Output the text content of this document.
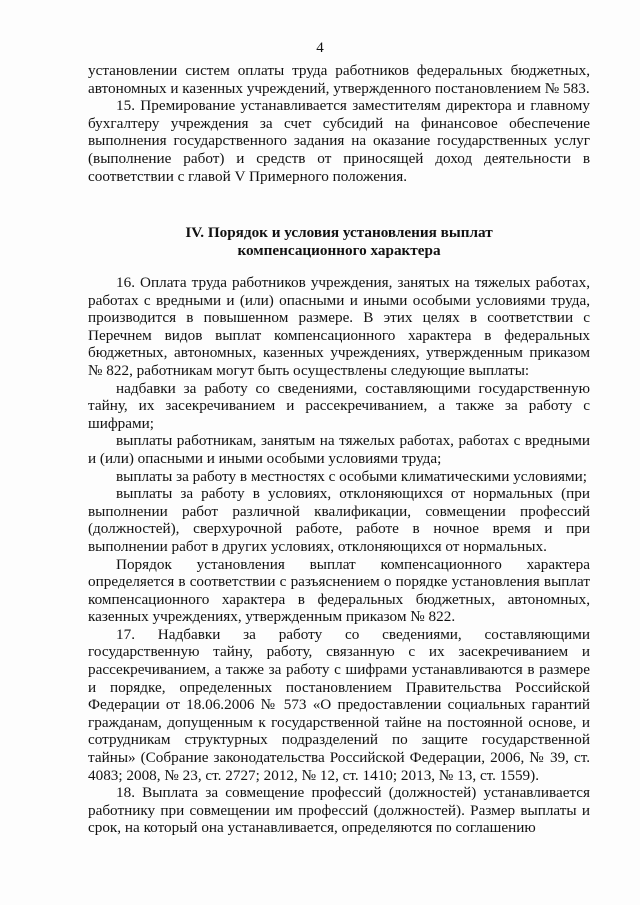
4

установлении систем оплаты труда работников федеральных бюджетных, автономных и казенных учреждений, утвержденного постановлением № 583.

15. Премирование устанавливается заместителям директора и главному бухгалтеру учреждения за счет субсидий на финансовое обеспечение выполнения государственного задания на оказание государственных услуг (выполнение работ) и средств от приносящей доход деятельности в соответствии с главой V Примерного положения.

IV. Порядок и условия установления выплат

компенсационного характера

16. Оплата труда работников учреждения, занятых на тяжелых работах, работах с вредными и (или) опасными и иными особыми условиями труда, производится в повышенном размере. В этих целях в соответствии с Перечнем видов выплат компенсационного характера в федеральных бюджетных, автономных, казенных учреждениях, утвержденным приказом № 822, работникам могут быть осуществлены следующие выплаты:

надбавки за работу со сведениями, составляющими государственную тайну, их засекречиванием и рассекречиванием, а также за работу с шифрами;

выплаты работникам, занятым на тяжелых работах, работах с вредными и (или) опасными и иными особыми условиями труда;

выплаты за работу в местностях с особыми климатическими условиями;

выплаты за работу в условиях, отклоняющихся от нормальных (при выполнении работ различной квалификации, совмещении профессий (должностей), сверхурочной работе, работе в ночное время и при выполнении работ в других условиях, отклоняющихся от нормальных.

Порядок установления выплат компенсационного характера определяется в соответствии с разъяснением о порядке установления выплат компенсационного характера в федеральных бюджетных, автономных, казенных учреждениях, утвержденным приказом № 822.

17. Надбавки за работу со сведениями, составляющими государственную тайну, работу, связанную с их засекречиванием и рассекречиванием, а также за работу с шифрами устанавливаются в размере и порядке, определенных постановлением Правительства Российской Федерации от 18.06.2006 № 573 «О предоставлении социальных гарантий гражданам, допущенным к государственной тайне на постоянной основе, и сотрудникам структурных подразделений по защите государственной тайны» (Собрание законодательства Российской Федерации, 2006, № 39, ст. 4083; 2008, № 23, ст. 2727; 2012, № 12, ст. 1410; 2013, № 13, ст. 1559).

18. Выплата за совмещение профессий (должностей) устанавливается работнику при совмещении им профессий (должностей). Размер выплаты и срок, на который она устанавливается, определяются по соглашению
